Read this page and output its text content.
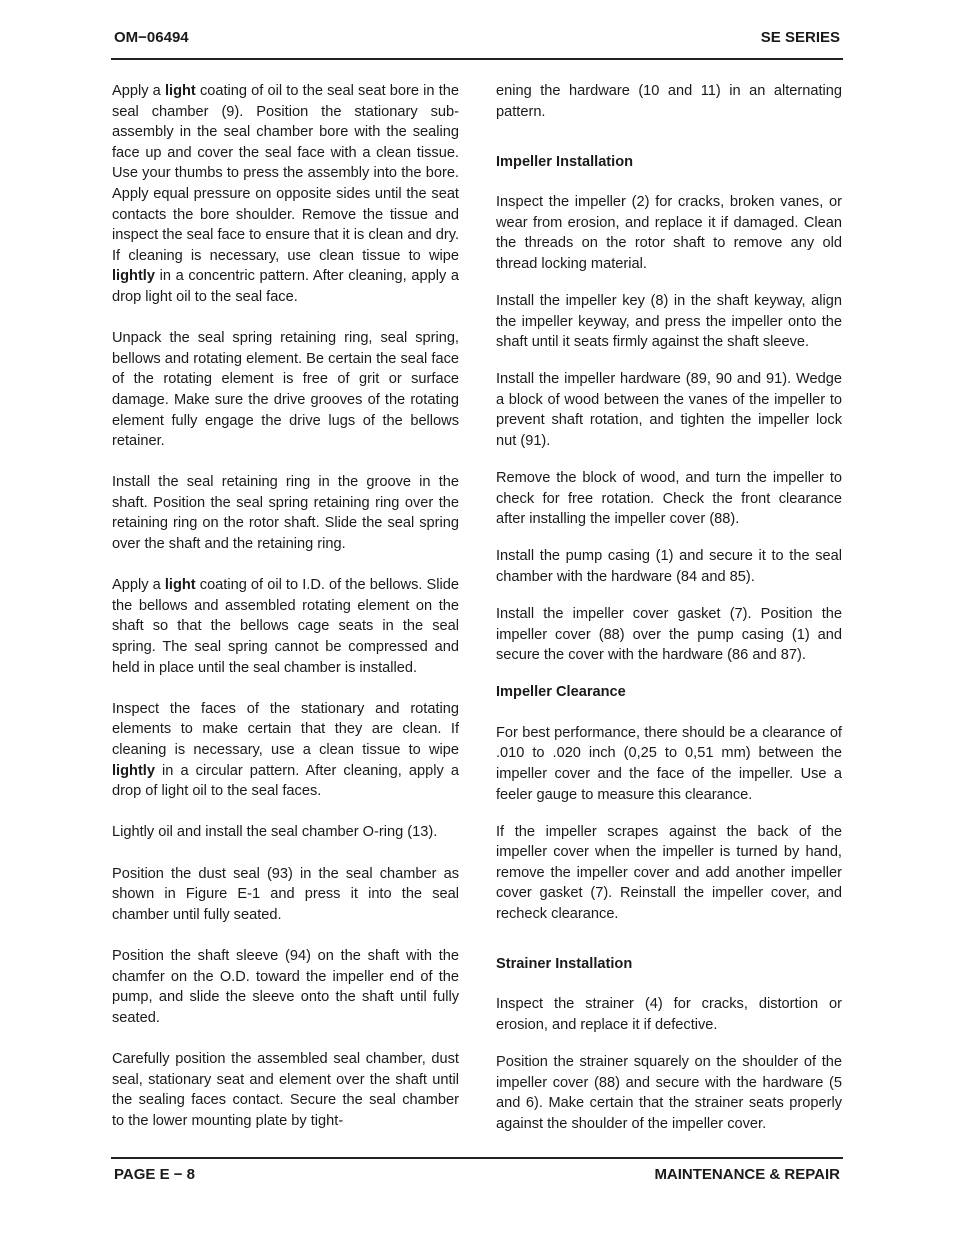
OM−06494	SE SERIES

Apply a light coating of oil to the seal seat bore in the seal chamber (9). Position the stationary sub-assembly in the seal chamber bore with the sealing face up and cover the seal face with a clean tissue. Use your thumbs to press the assembly into the bore. Apply equal pressure on opposite sides until the seat contacts the bore shoulder. Remove the tissue and inspect the seal face to ensure that it is clean and dry. If cleaning is necessary, use clean tissue to wipe lightly in a concentric pattern. After cleaning, apply a drop light oil to the seal face.

Unpack the seal spring retaining ring, seal spring, bellows and rotating element. Be certain the seal face of the rotating element is free of grit or surface damage. Make sure the drive grooves of the rotating element fully engage the drive lugs of the bellows retainer.

Install the seal retaining ring in the groove in the shaft. Position the seal spring retaining ring over the retaining ring on the rotor shaft. Slide the seal spring over the shaft and the retaining ring.

Apply a light coating of oil to I.D. of the bellows. Slide the bellows and assembled rotating element on the shaft so that the bellows cage seats in the seal spring. The seal spring cannot be compressed and held in place until the seal chamber is installed.

Inspect the faces of the stationary and rotating elements to make certain that they are clean. If cleaning is necessary, use a clean tissue to wipe lightly in a circular pattern. After cleaning, apply a drop of light oil to the seal faces.

Lightly oil and install the seal chamber O-ring (13).

Position the dust seal (93) in the seal chamber as shown in Figure E-1 and press it into the seal chamber until fully seated.

Position the shaft sleeve (94) on the shaft with the chamfer on the O.D. toward the impeller end of the pump, and slide the sleeve onto the shaft until fully seated.

Carefully position the assembled seal chamber, dust seal, stationary seat and element over the shaft until the sealing faces contact. Secure the seal chamber to the lower mounting plate by tight-

ening the hardware (10 and 11) in an alternating pattern.

Impeller Installation

Inspect the impeller (2) for cracks, broken vanes, or wear from erosion, and replace it if damaged. Clean the threads on the rotor shaft to remove any old thread locking material.

Install the impeller key (8) in the shaft keyway, align the impeller keyway, and press the impeller onto the shaft until it seats firmly against the shaft sleeve.

Install the impeller hardware (89, 90 and 91). Wedge a block of wood between the vanes of the impeller to prevent shaft rotation, and tighten the impeller lock nut (91).

Remove the block of wood, and turn the impeller to check for free rotation. Check the front clearance after installing the impeller cover (88).

Install the pump casing (1) and secure it to the seal chamber with the hardware (84 and 85).

Install the impeller cover gasket (7). Position the impeller cover (88) over the pump casing (1) and secure the cover with the hardware (86 and 87).

Impeller Clearance

For best performance, there should be a clearance of .010 to .020 inch (0,25 to 0,51 mm) between the impeller cover and the face of the impeller. Use a feeler gauge to measure this clearance.

If the impeller scrapes against the back of the impeller cover when the impeller is turned by hand, remove the impeller cover and add another impeller cover gasket (7). Reinstall the impeller cover, and recheck clearance.

Strainer Installation

Inspect the strainer (4) for cracks, distortion or erosion, and replace it if defective.

Position the strainer squarely on the shoulder of the impeller cover (88) and secure with the hardware (5 and 6). Make certain that the strainer seats properly against the shoulder of the impeller cover.

PAGE E − 8	MAINTENANCE & REPAIR
